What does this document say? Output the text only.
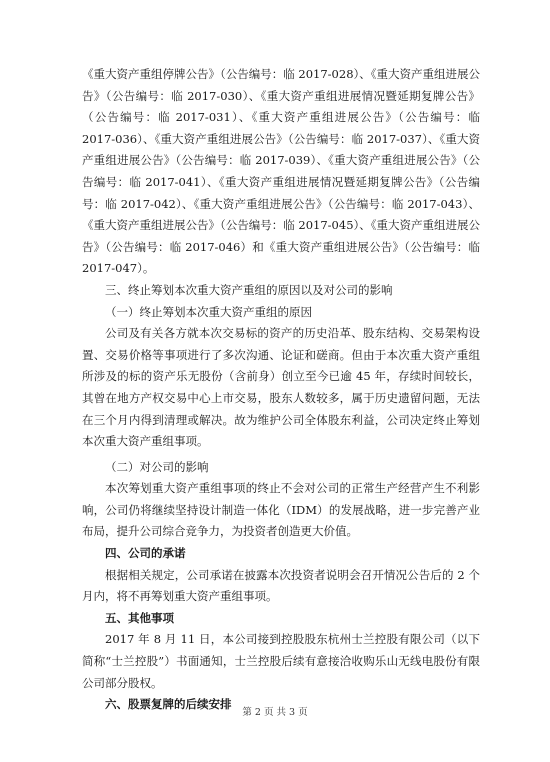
《重大资产重组停牌公告》（公告编号：临 2017-028）、《重大资产重组进展公告》（公告编号：临 2017-030）、《重大资产重组进展情况暨延期复牌公告》（公告编号：临 2017-031）、《重大资产重组进展公告》（公告编号：临 2017-036）、《重大资产重组进展公告》（公告编号：临 2017-037）、《重大资产重组进展公告》（公告编号：临 2017-039）、《重大资产重组进展公告》（公告编号：临 2017-041）、《重大资产重组进展情况暨延期复牌公告》（公告编号：临 2017-042）、《重大资产重组进展公告》（公告编号：临 2017-043）、《重大资产重组进展公告》（公告编号：临 2017-045）、《重大资产重组进展公告》（公告编号：临 2017-046）和《重大资产重组进展公告》（公告编号：临 2017-047）。

三、终止筹划本次重大资产重组的原因以及对公司的影响

（一）终止筹划本次重大资产重组的原因

公司及有关各方就本次交易标的资产的历史沿革、股东结构、交易架构设置、交易价格等事项进行了多次沟通、论证和磋商。但由于本次重大资产重组所涉及的标的资产乐无股份（含前身）创立至今已逾 45 年，存续时间较长，其曾在地方产权交易中心上市交易，股东人数较多，属于历史遗留问题，无法在三个月内得到清理或解决。故为维护公司全体股东利益，公司决定终止筹划本次重大资产重组事项。

（二）对公司的影响

本次筹划重大资产重组事项的终止不会对公司的正常生产经营产生不利影响，公司仍将继续坚持设计制造一体化（IDM）的发展战略，进一步完善产业布局，提升公司综合竞争力，为投资者创造更大价值。

四、公司的承诺

根据相关规定，公司承诺在披露本次投资者说明会召开情况公告后的 2 个月内，将不再筹划重大资产重组事项。

五、其他事项

2017 年 8 月 11 日，本公司接到控股股东杭州士兰控股有限公司（以下简称“士兰控股”）书面通知，士兰控股后续有意接洽收购乐山无线电股份有限公司部分股权。

六、股票复牌的后续安排

第 2 页 共 3 页
